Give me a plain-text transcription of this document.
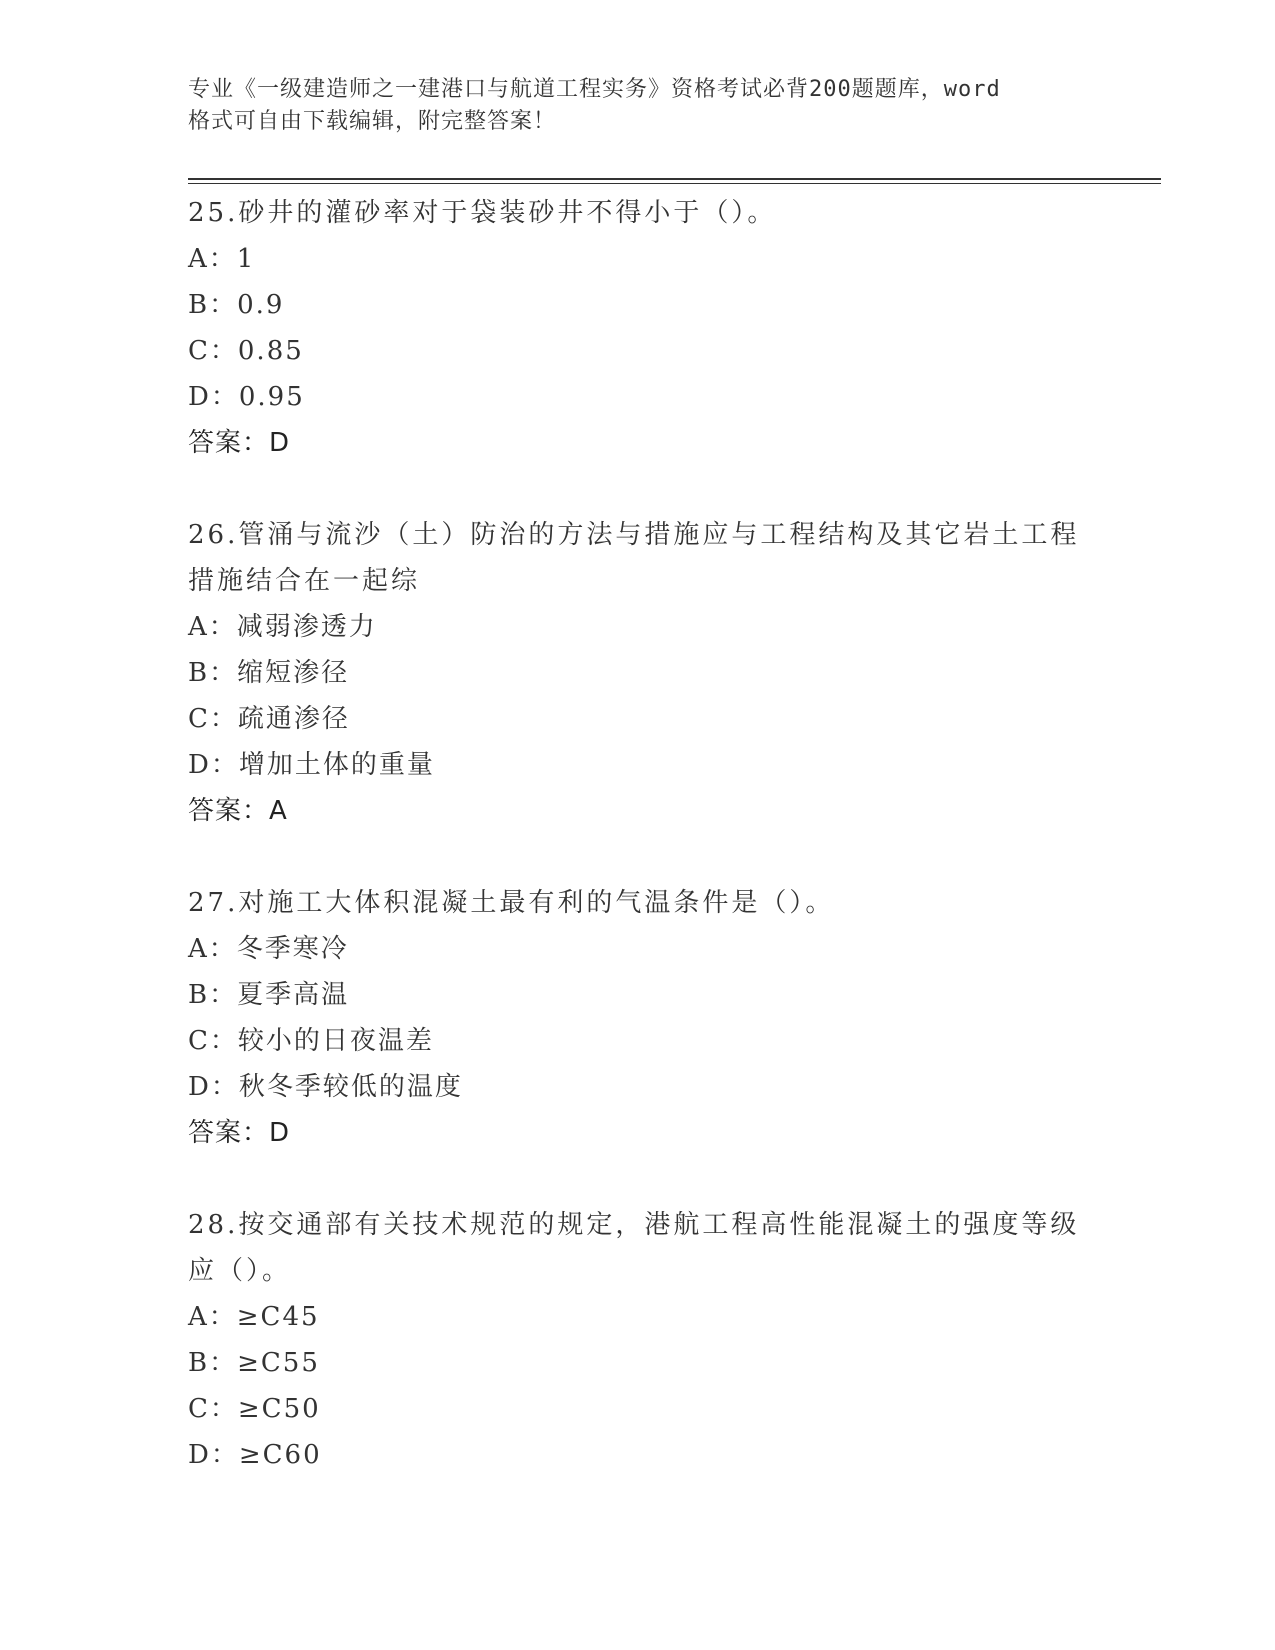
专业《一级建造师之一建港口与航道工程实务》资格考试必背200题题库，word
格式可自由下载编辑，附完整答案！
25.砂井的灌砂率对于袋装砂井不得小于（）。
A：1
B：0.9
C：0.85
D：0.95
答案：D
26.管涌与流沙（土）防治的方法与措施应与工程结构及其它岩土工程
措施结合在一起综
A：减弱渗透力
B：缩短渗径
C：疏通渗径
D：增加土体的重量
答案：A
27.对施工大体积混凝土最有利的气温条件是（）。
A：冬季寒冷
B：夏季高温
C：较小的日夜温差
D：秋冬季较低的温度
答案：D
28.按交通部有关技术规范的规定，港航工程高性能混凝土的强度等级
应（）。
A：≥C45
B：≥C55
C：≥C50
D：≥C60
